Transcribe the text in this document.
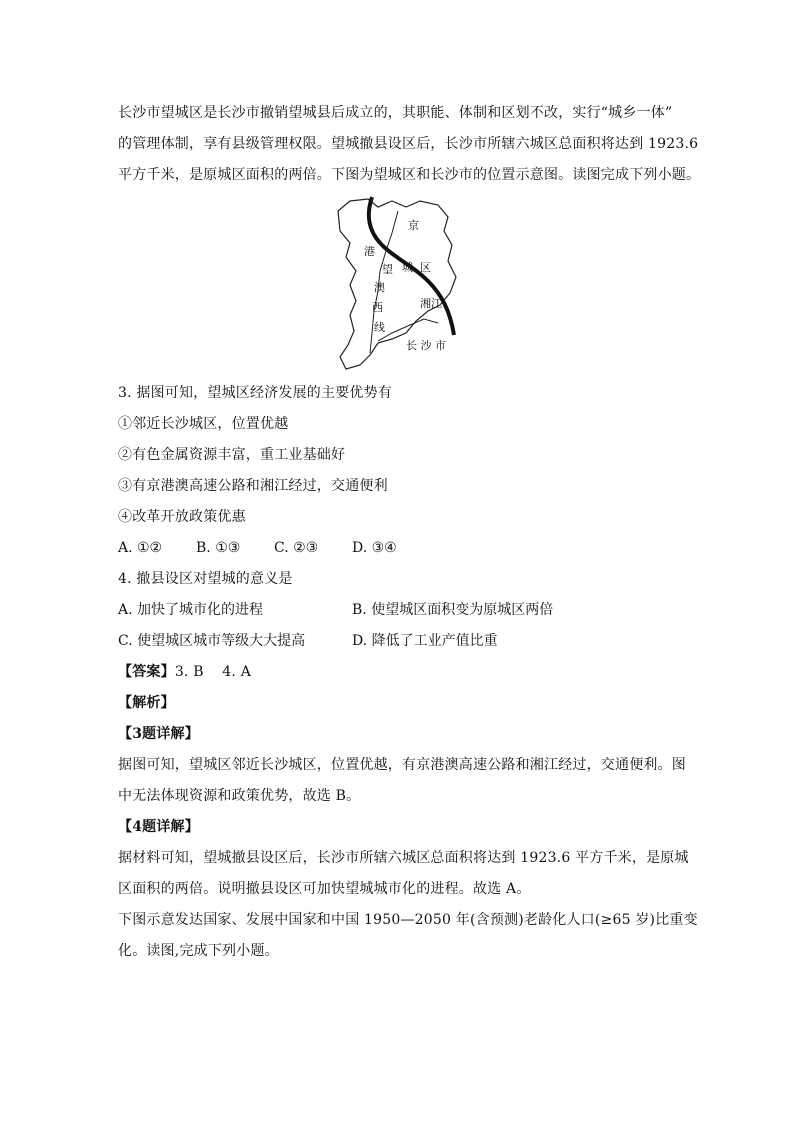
长沙市望城区是长沙市撤销望城县后成立的，其职能、体制和区划不改，实行“城乡一体”
的管理体制，享有县级管理权限。望城撤县设区后，长沙市所辖六城区总面积将达到 1923.6
平方千米，是原城区面积的两倍。下图为望城区和长沙市的位置示意图。读图完成下列小题。
京
港
望 城 区
澳
西	湘江
线
长 沙 市
3. 据图可知，望城区经济发展的主要优势有
①邻近长沙城区，位置优越
②有色金属资源丰富，重工业基础好
③有京港澳高速公路和湘江经过，交通便利
④改革开放政策优惠
A. ①② B. ①③ C. ②③ D. ③④
4. 撤县设区对望城的意义是
A. 加快了城市化的进程	B. 使望城区面积变为原城区两倍
C. 使望城区城市等级大大提高	D. 降低了工业产值比重
【答案】3. B    4. A
【解析】
【3题详解】
据图可知，望城区邻近长沙城区，位置优越，有京港澳高速公路和湘江经过，交通便利。图
中无法体现资源和政策优势，故选 B。
【4题详解】
据材料可知，望城撤县设区后，长沙市所辖六城区总面积将达到 1923.6 平方千米，是原城
区面积的两倍。说明撤县设区可加快望城城市化的进程。故选 A。
下图示意发达国家、发展中国家和中国 1950—2050 年(含预测)老龄化人口(≥65 岁)比重变
化。读图,完成下列小题。
